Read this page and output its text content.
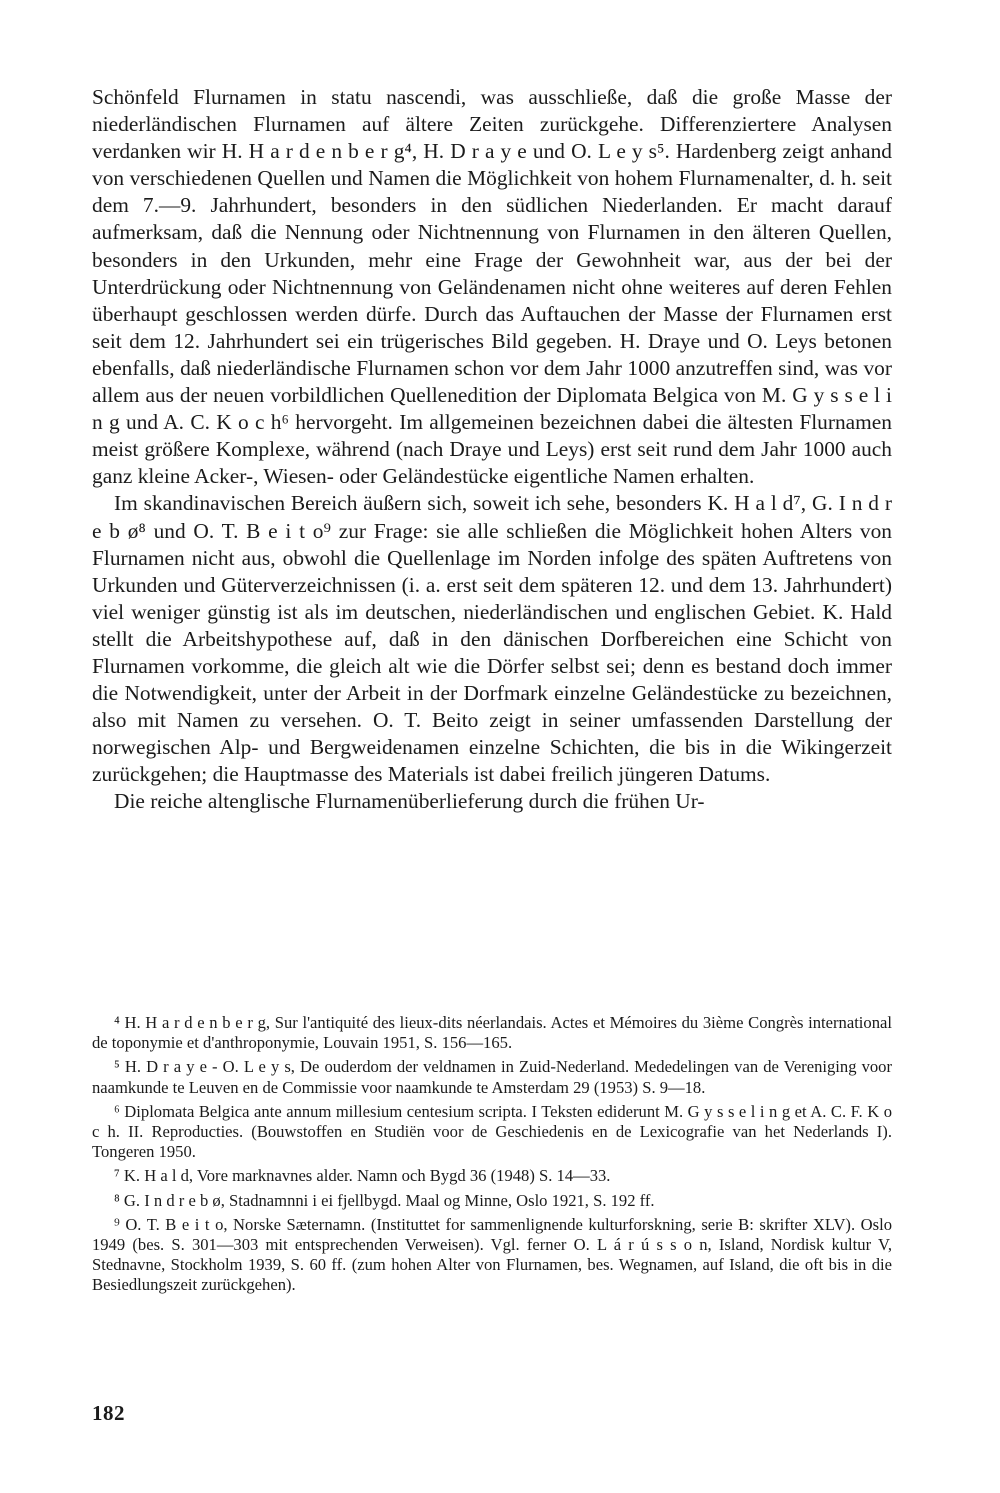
Schönfeld Flurnamen in statu nascendi, was ausschließe, daß die große Masse der niederländischen Flurnamen auf ältere Zeiten zurückgehe. Differenziertere Analysen verdanken wir H. H a r d e n b e r g⁴, H. D r a y e und O. L e y s⁵. Hardenberg zeigt anhand von verschiedenen Quellen und Namen die Möglichkeit von hohem Flurnamenalter, d. h. seit dem 7.—9. Jahrhundert, besonders in den südlichen Niederlanden. Er macht darauf aufmerksam, daß die Nennung oder Nichtnennung von Flurnamen in den älteren Quellen, besonders in den Urkunden, mehr eine Frage der Gewohnheit war, aus der bei der Unterdrückung oder Nichtnennung von Geländenamen nicht ohne weiteres auf deren Fehlen überhaupt geschlossen werden dürfe. Durch das Auftauchen der Masse der Flurnamen erst seit dem 12. Jahrhundert sei ein trügerisches Bild gegeben. H. Draye und O. Leys betonen ebenfalls, daß niederländische Flurnamen schon vor dem Jahr 1000 anzutreffen sind, was vor allem aus der neuen vorbildlichen Quellenedition der Diplomata Belgica von M. G y s s e l i n g und A. C. K o c h⁶ hervorgeht. Im allgemeinen bezeichnen dabei die ältesten Flurnamen meist größere Komplexe, während (nach Draye und Leys) erst seit rund dem Jahr 1000 auch ganz kleine Acker-, Wiesen- oder Geländestücke eigentliche Namen erhalten.

Im skandinavischen Bereich äußern sich, soweit ich sehe, besonders K. H a l d⁷, G. I n d r e b ø⁸ und O. T. B e i t o⁹ zur Frage: sie alle schließen die Möglichkeit hohen Alters von Flurnamen nicht aus, obwohl die Quellenlage im Norden infolge des späten Auftretens von Urkunden und Güterverzeichnissen (i. a. erst seit dem späteren 12. und dem 13. Jahrhundert) viel weniger günstig ist als im deutschen, niederländischen und englischen Gebiet. K. Hald stellt die Arbeitshypothese auf, daß in den dänischen Dorfbereichen eine Schicht von Flurnamen vorkomme, die gleich alt wie die Dörfer selbst sei; denn es bestand doch immer die Notwendigkeit, unter der Arbeit in der Dorfmark einzelne Geländestücke zu bezeichnen, also mit Namen zu versehen. O. T. Beito zeigt in seiner umfassenden Darstellung der norwegischen Alp- und Bergweidenamen einzelne Schichten, die bis in die Wikingerzeit zurückgehen; die Hauptmasse des Materials ist dabei freilich jüngeren Datums.

Die reiche altenglische Flurnamenüberlieferung durch die frühen Ur-

⁴ H. H a r d e n b e r g, Sur l'antiquité des lieux-dits néerlandais. Actes et Mémoires du 3ième Congrès international de toponymie et d'anthroponymie, Louvain 1951, S. 156—165.

⁵ H. D r a y e - O. L e y s, De ouderdom der veldnamen in Zuid-Nederland. Mededelingen van de Vereniging voor naamkunde te Leuven en de Commissie voor naamkunde te Amsterdam 29 (1953) S. 9—18.

⁶ Diplomata Belgica ante annum millesium centesium scripta. I Teksten ediderunt M. G y s s e l i n g et A. C. F. K o c h. II. Reproducties. (Bouwstoffen en Studiën voor de Geschiedenis en de Lexicografie van het Nederlands I). Tongeren 1950.

⁷ K. H a l d, Vore marknavnes alder. Namn och Bygd 36 (1948) S. 14—33.

⁸ G. I n d r e b ø, Stadnamnni i ei fjellbygd. Maal og Minne, Oslo 1921, S. 192 ff.

⁹ O. T. B e i t o, Norske Sæternamn. (Instituttet for sammenlignende kulturforskning, serie B: skrifter XLV). Oslo 1949 (bes. S. 301—303 mit entsprechenden Verweisen). Vgl. ferner O. L á r ú s s o n, Island, Nordisk kultur V, Stednavne, Stockholm 1939, S. 60 ff. (zum hohen Alter von Flurnamen, bes. Wegnamen, auf Island, die oft bis in die Besiedlungszeit zurückgehen).

182
